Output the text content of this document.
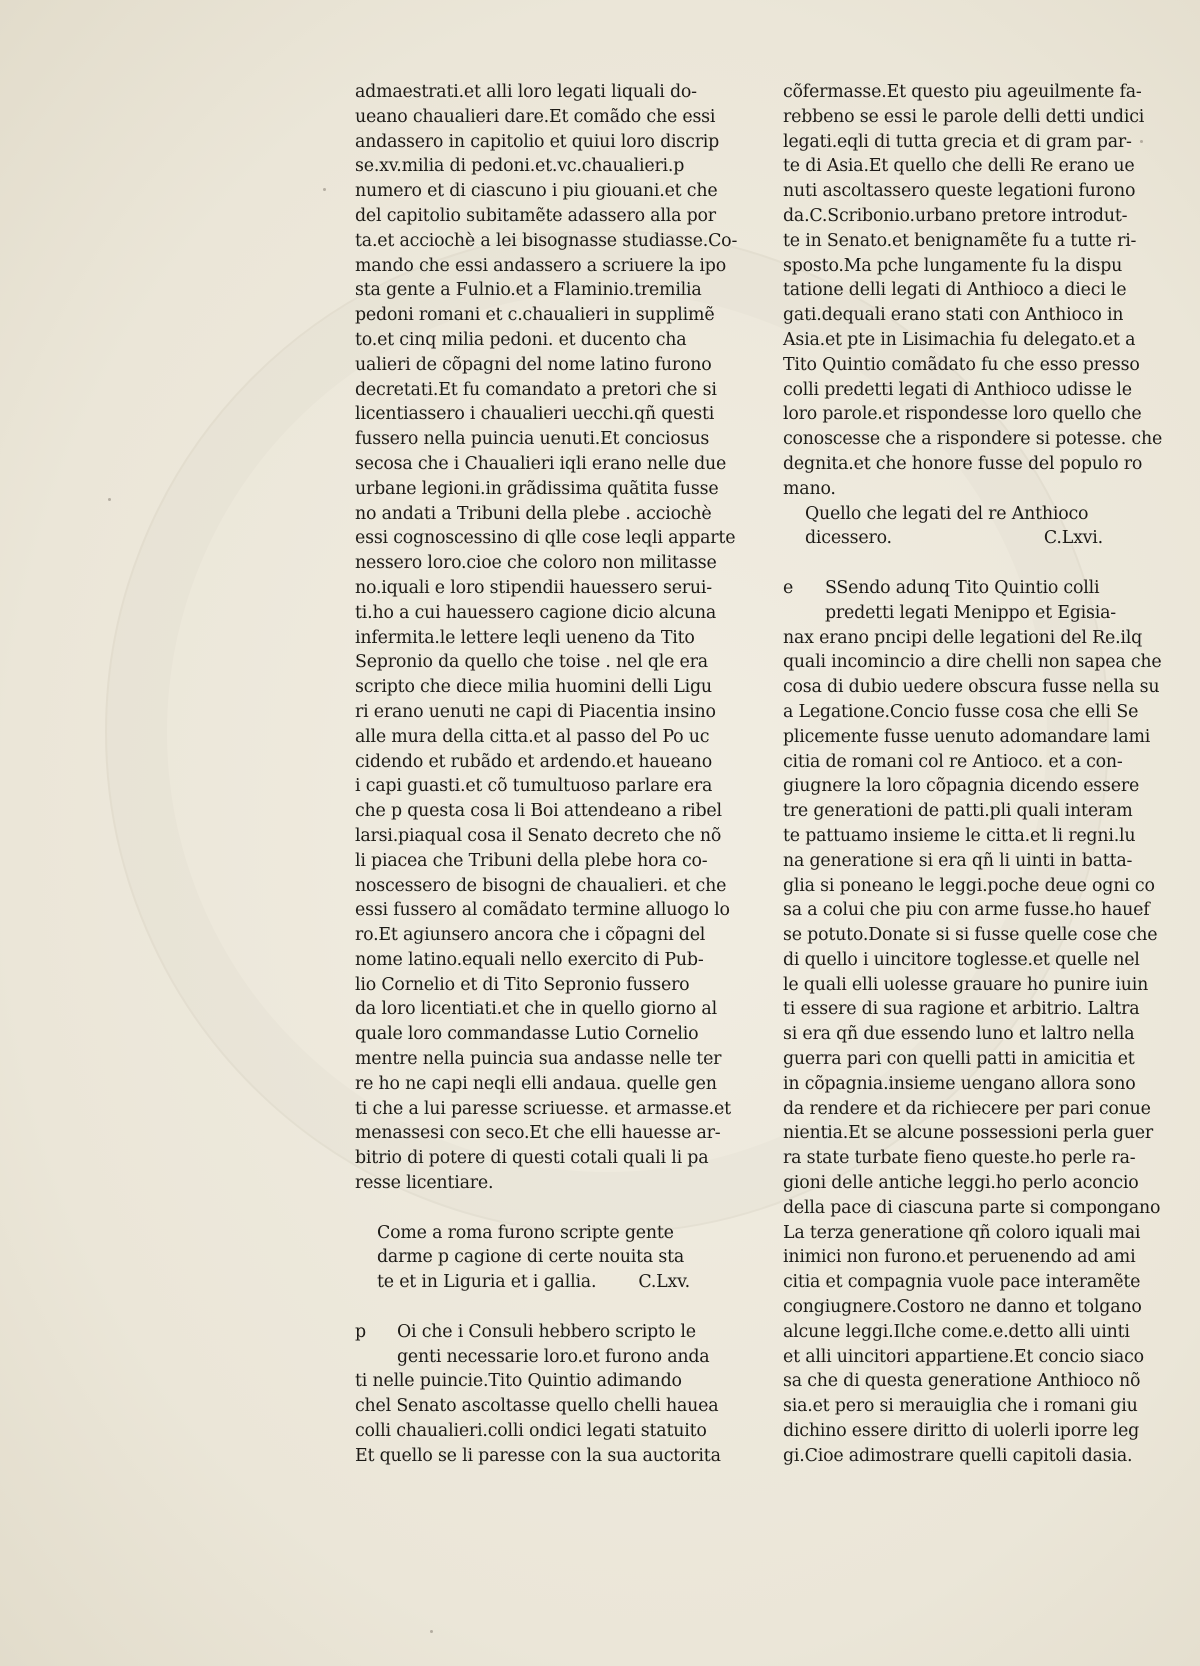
admaestrati.et alli loro legati liquali do-
ueano chaualieri dare.Et comãdo che essi
andassero in capitolio et quiui loro discrip
se.xv.milia di pedoni.et.vc.chaualieri.p
numero et di ciascuno i piu giouani.et che
del capitolio subitamẽte adassero alla por
ta.et acciochè a lei bisognasse studiasse.Co-
mando che essi andassero a scriuere la ipo
sta gente a Fulnio.et a Flaminio.tremilia
pedoni romani et c.chaualieri in supplimẽ
to.et cinq milia pedoni. et ducento cha
ualieri de cõpagni del nome latino furono
decretati.Et fu comandato a pretori che si
licentiassero i chaualieri uecchi.qñ questi
fussero nella puincia uenuti.Et conciosus
secosa che i Chaualieri iqli erano nelle due
urbane legioni.in grãdissima quãtita fusse
no andati a Tribuni della plebe . acciochè
essi cognoscessino di qlle cose leqli apparte
nessero loro.cioe che coloro non militasse
no.iquali e loro stipendii hauessero serui-
ti.ho a cui hauessero cagione dicio alcuna
infermita.le lettere leqli ueneno da Tito
Sepronio da quello che toise . nel qle era
scripto che diece milia huomini delli Ligu
ri erano uenuti ne capi di Piacentia insino
alle mura della citta.et al passo del Po uc
cidendo et rubãdo et ardendo.et haueano
i capi guasti.et cõ tumultuoso parlare era
che p questa cosa li Boi attendeano a ribel
larsi.piaqual cosa il Senato decreto che nõ
li piacea che Tribuni della plebe hora co-
noscessero de bisogni de chaualieri. et che
essi fussero al comãdato termine alluogo lo
ro.Et agiunsero ancora che i cõpagni del
nome latino.equali nello exercito di Pub-
lio Cornelio et di Tito Sepronio fussero
da loro licentiati.et che in quello giorno al
quale loro commandasse Lutio Cornelio
mentre nella puincia sua andasse nelle ter
re ho ne capi neqli elli andaua. quelle gen
ti che a lui paresse scriuesse. et armasse.et
menassesi con seco.Et che elli hauesse ar-
bitrio di potere di questi cotali quali li pa
resse licentiare.
Come a roma furono scripte gente
darme p cagione di certe nouita sta
te et in Liguria et i gallia.	C.Lxv.
p Oi che i Consuli hebbero scripto le
genti necessarie loro.et furono anda
ti nelle puincie.Tito Quintio adimando
chel Senato ascoltasse quello chelli hauea
colli chaualieri.colli ondici legati statuito
Et quello se li paresse con la sua auctorita
cõfermasse.Et questo piu ageuilmente fa-
rebbeno se essi le parole delli detti undici
legati.eqli di tutta grecia et di gram par-
te di Asia.Et quello che delli Re erano ue
nuti ascoltassero queste legationi furono
da.C.Scribonio.urbano pretore introdut-
te in Senato.et benignamẽte fu a tutte ri-
sposto.Ma pche lungamente fu la dispu
tatione delli legati di Anthioco a dieci le
gati.dequali erano stati con Anthioco in
Asia.et pte in Lisimachia fu delegato.et a
Tito Quintio comãdato fu che esso presso
colli predetti legati di Anthioco udisse le
loro parole.et rispondesse loro quello che
conoscesse che a rispondere si potesse. che
degnita.et che honore fusse del populo ro
mano.
Quello che legati del re Anthioco
dicessero.	C.Lxvi.
e SSendo adunq Tito Quintio colli
predetti legati Menippo et Egisia-
nax erano pncipi delle legationi del Re.ilq
quali incomincio a dire chelli non sapea che
cosa di dubio uedere obscura fusse nella su
a Legatione.Concio fusse cosa che elli Se
plicemente fusse uenuto adomandare lami
citia de romani col re Antioco. et a con-
giugnere la loro cõpagnia dicendo essere
tre generationi de patti.pli quali interam
te pattuamo insieme le citta.et li regni.lu
na generatione si era qñ li uinti in batta-
glia si poneano le leggi.poche deue ogni co
sa a colui che piu con arme fusse.ho hauef
se potuto.Donate si si fusse quelle cose che
di quello i uincitore toglesse.et quelle nel
le quali elli uolesse grauare ho punire iuin
ti essere di sua ragione et arbitrio. Laltra
si era qñ due essendo luno et laltro nella
guerra pari con quelli patti in amicitia et
in cõpagnia.insieme uengano allora sono
da rendere et da richiecere per pari conue
nientia.Et se alcune possessioni perla guer
ra state turbate fieno queste.ho perle ra-
gioni delle antiche leggi.ho perlo aconcio
della pace di ciascuna parte si compongano
La terza generatione qñ coloro iquali mai
inimici non furono.et peruenendo ad ami
citia et compagnia vuole pace interamẽte
congiugnere.Costoro ne danno et tolgano
alcune leggi.Ilche come.e.detto alli uinti
et alli uincitori appartiene.Et concio siaco
sa che di questa generatione Anthioco nõ
sia.et pero si merauiglia che i romani giu
dichino essere diritto di uolerli iporre leg
gi.Cioe adimostrare quelli capitoli dasia.
